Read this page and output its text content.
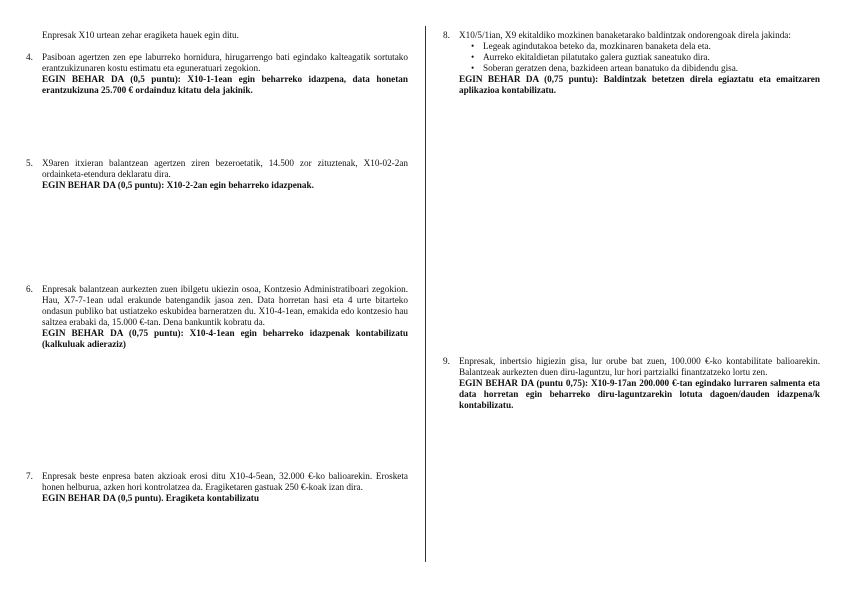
Enpresak X10 urtean zehar eragiketa hauek egin ditu.
4. Pasiboan agertzen zen epe laburreko hornidura, hirugarrengo bati egindako kalteagatik sortutako erantzukizunaren kostu estimatu eta eguneratuari zegokion.
EGIN BEHAR DA (0,5 puntu): X10-1-1ean egin beharreko idazpena, data honetan erantzukizuna 25.700 € ordainduz kitatu dela jakinik.
5. X9aren itxieran balantzean agertzen ziren bezeroetatik, 14.500 zor zituztenak, X10-02-2an ordainketa-etendura deklaratu dira.
EGIN BEHAR DA (0,5 puntu): X10-2-2an egin beharreko idazpenak.
6. Enpresak balantzean aurkezten zuen ibilgetu ukiezin osoa, Kontzesio Administratiboari zegokion. Hau, X7-7-1ean udal erakunde batengandik jasoa zen. Data horretan hasi eta 4 urte bitarteko ondasun publiko bat ustiatzeko eskubidea barneratzen du. X10-4-1ean, emakida edo kontzesio hau saltzea erabaki da, 15.000 €-tan. Dena bankuntik kobratu da.
EGIN BEHAR DA (0,75 puntu): X10-4-1ean egin beharreko idazpenak kontabilizatu (kalkuluak adieraziz)
7. Enpresak beste enpresa baten akzioak erosi ditu X10-4-5ean, 32.000 €-ko balioarekin. Erosketa honen helburua, azken hori kontrolatzea da. Eragiketaren gastuak 250 €-koak izan dira.
EGIN BEHAR DA (0,5 puntu). Eragiketa kontabilizatu
8. X10/5/1ian, X9 ekitaldiko mozkinen banaketarako baldintzak ondorengoak direla jakinda:
• Legeak agindutakoa beteko da, mozkinaren banaketa dela eta.
• Aurreko ekitaldietan pilatutako galera guztiak saneatuko dira.
• Soberan geratzen dena, bazkideen artean banatuko da dibidendu gisa.
EGIN BEHAR DA (0,75 puntu): Baldintzak betetzen direla egiaztatu eta emaitzaren aplikazioa kontabilizatu.
9. Enpresak, inbertsio higiezin gisa, lur orube bat zuen, 100.000 €-ko kontabilitate balioarekin. Balantzeak aurkezten duen diru-laguntzu, lur hori partzialki finantzatzeko lortu zen.
EGIN BEHAR DA (puntu 0,75): X10-9-17an 200.000 €-tan egindako lurraren salmenta eta data horretan egin beharreko diru-laguntzarekin lotuta dagoen/dauden idazpena/k kontabilizatu.
